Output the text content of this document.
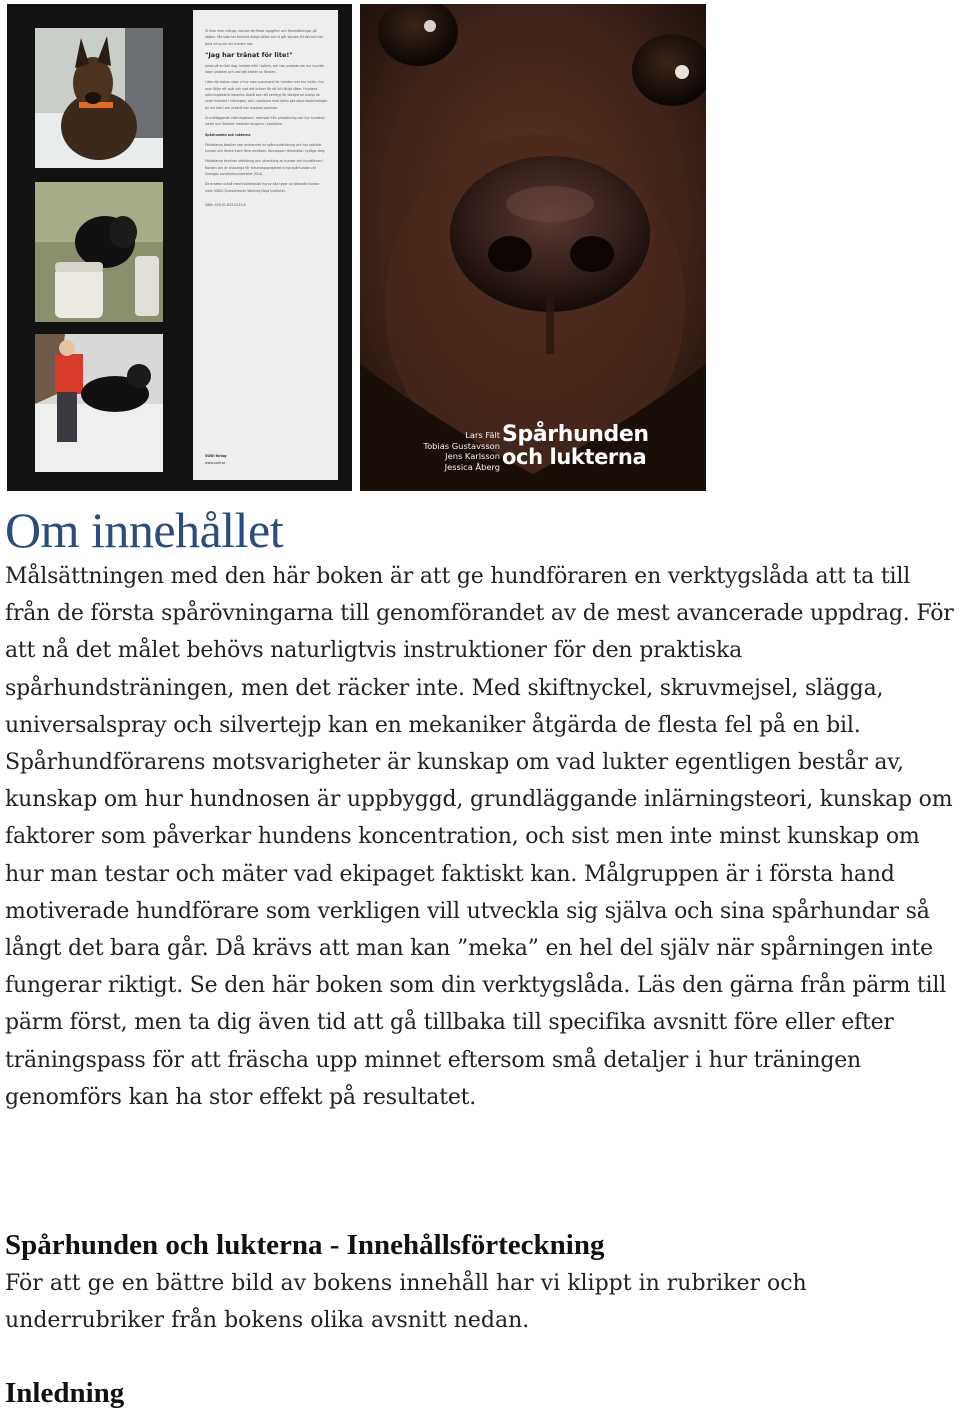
Vi fixar hem många, kanske de flesta uppgifter och förutsättningar på vägen. Vår sida har kommit riktigt sällan och vi går kanske till det och har bara kring om att hunden ska.

"Jag har tränat för lite!"

Jonas på en kall dag, kanske mitt i spåret, och han pratade om hur hunden löser problem och vad det kräver av föraren.

I den här boken visar vi hur man successivt lär hunden mer om lukter, hur man följer ett spår och vad det kräver för att bli riktigt säker. Hundens spårningsteknik beskrivs likaså som ett verktyg för detaljerad analys av varje moment i träningen, och i samband med detta ges stora beskrivningar av hur teori och praktik kan kopplas samman.

Grundläggande inlärningsteori, exempel från prissättning och hur hundens lukter och flertalet metoder fungerar i praktiken.

Spårhunden och lukterna

Författarna besitter stor erfarenhet av spårhundsträning och har utbildat hundar och förare inom flera områden. Kunskapen förmedlas i tydliga steg.

Författarna bedriver utbildning och utveckling av hundar och hundförare i Norden och är ansvariga för forskningsprojektet kring spårhundar vid Sveriges Lantbruksuniversitet (SLU).

De arbetar också med kvalitetssäkring av alla typer av sökande hundar inom SWDI (Scandinavian Working Dogs Institute).

ISBN: 978-91-633-0222-6
SWDI förlag
www.swdi.se
Lars Fält
Tobias Gustavsson
Jens Karlsson
Jessica Åberg
Spårhunden
och lukterna
Om innehållet

Målsättningen med den här boken är att ge hundföraren en verktygslåda att ta till från de första spårövningarna till genomförandet av de mest avancerade uppdrag. För att nå det målet behövs naturligtvis instruktioner för den praktiska spårhundsträningen, men det räcker inte. Med skiftnyckel, skruvmejsel, slägga, universalspray och silvertejp kan en mekaniker åtgärda de flesta fel på en bil. Spårhundförarens motsvarigheter är kunskap om vad lukter egentligen består av, kunskap om hur hundnosen är uppbyggd, grundläggande inlärningsteori, kunskap om faktorer som påverkar hundens koncentration, och sist men inte minst kunskap om hur man testar och mäter vad ekipaget faktiskt kan. Målgruppen är i första hand motiverade hundförare som verkligen vill utveckla sig själva och sina spårhundar så långt det bara går. Då krävs att man kan ”meka” en hel del själv när spårningen inte fungerar riktigt. Se den här boken som din verktygslåda. Läs den gärna från pärm till pärm först, men ta dig även tid att gå tillbaka till specifika avsnitt före eller efter träningspass för att fräscha upp minnet eftersom små detaljer i hur träningen genomförs kan ha stor effekt på resultatet.

Spårhunden och lukterna - Innehållsförteckning

För att ge en bättre bild av bokens innehåll har vi klippt in rubriker och underrubriker från bokens olika avsnitt nedan.

Inledning
